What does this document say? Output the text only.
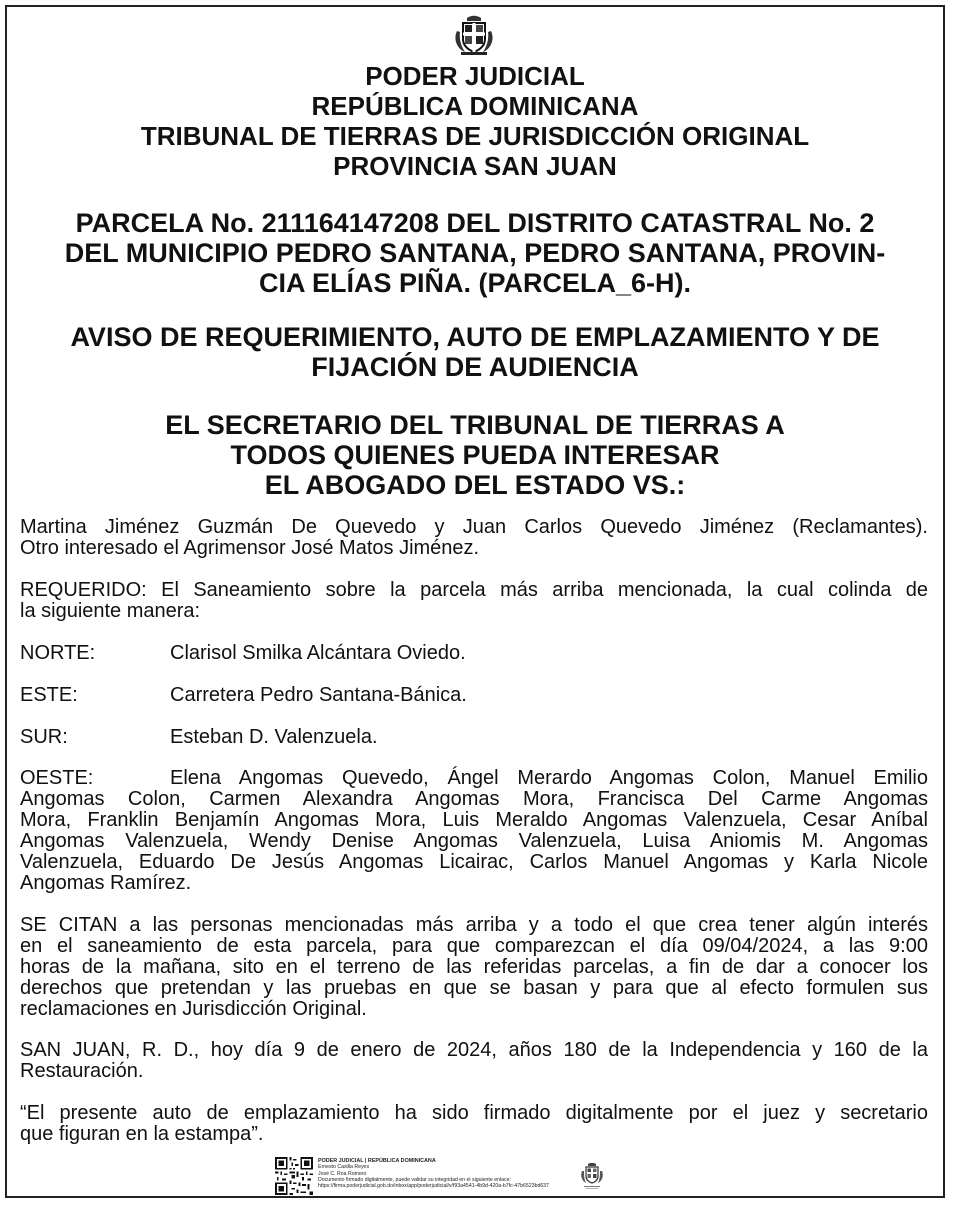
PODER JUDICIAL
REPÚBLICA DOMINICANA
TRIBUNAL DE TIERRAS DE JURISDICCIÓN ORIGINAL
PROVINCIA SAN JUAN
PARCELA No. 211164147208 DEL DISTRITO CATASTRAL No. 2
DEL MUNICIPIO PEDRO SANTANA, PEDRO SANTANA, PROVIN-
CIA ELÍAS PIÑA. (PARCELA_6-H).
AVISO DE REQUERIMIENTO, AUTO DE EMPLAZAMIENTO Y DE
FIJACIÓN DE AUDIENCIA
EL SECRETARIO DEL TRIBUNAL DE TIERRAS A
TODOS QUIENES PUEDA INTERESAR
EL ABOGADO DEL ESTADO VS.:
Martina Jiménez Guzmán De Quevedo y Juan Carlos Quevedo Jiménez (Reclamantes).
Otro interesado el Agrimensor José Matos Jiménez.
REQUERIDO: El Saneamiento sobre la parcela más arriba mencionada, la cual colinda de
la siguiente manera:
NORTE:	Clarisol Smilka Alcántara Oviedo.
ESTE:	Carretera Pedro Santana-Bánica.
SUR:	Esteban D. Valenzuela.
OESTE:	Elena Angomas Quevedo, Ángel Merardo Angomas Colon, Manuel Emilio
Angomas Colon, Carmen Alexandra Angomas Mora, Francisca Del Carme Angomas
Mora, Franklin Benjamín Angomas Mora, Luis Meraldo Angomas Valenzuela, Cesar Aníbal
Angomas Valenzuela, Wendy Denise Angomas Valenzuela, Luisa Aniomis M. Angomas
Valenzuela, Eduardo De Jesús Angomas Licairac, Carlos Manuel Angomas y Karla Nicole
Angomas Ramírez.
SE CITAN a las personas mencionadas más arriba y a todo el que crea tener algún interés
en el saneamiento de esta parcela, para que comparezcan el día 09/04/2024, a las 9:00
horas de la mañana, sito en el terreno de las referidas parcelas, a fin de dar a conocer los
derechos que pretendan y las pruebas en que se basan y para que al efecto formulen sus
reclamaciones en Jurisdicción Original.
SAN JUAN, R. D., hoy día 9 de enero de 2024, años 180 de la Independencia y 160 de la
Restauración.
“El presente auto de emplazamiento ha sido firmado digitalmente por el juez y secretario
que figuran en la estampa”.
PODER JUDICIAL | REPÚBLICA DOMINICANA
Ernesto Casilla Reyes
José C. Roa Romero
Documento firmado digitalmente, puede validar su integridad en el siguiente enlace:
https://firma.poderjudicial.gob.do/inbox/app/poderjudicial/v/f93a4541-4b9d-420a-b7fc-47b6523bd637
